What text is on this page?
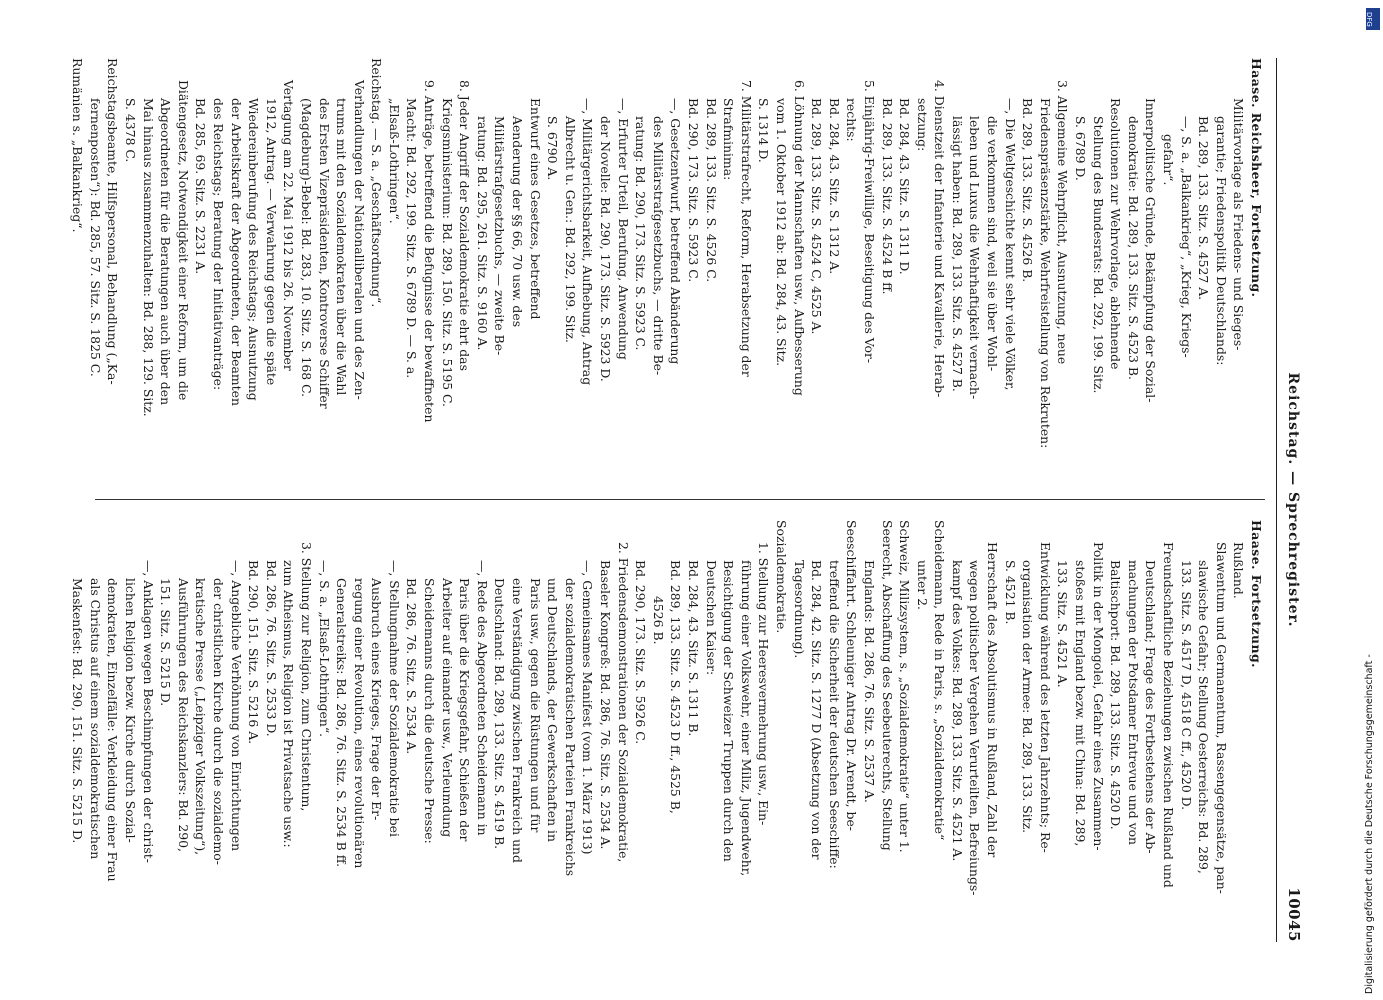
Reichstag. — Sprechregister.
10045
Haase. Reichsheer, Fortsetzung.
Militärvorlage als Friedens- und Sieges-
garantie; Friedenspolitik Deutschlands:
Bd. 289, 133. Sitz. S. 4527 A.
—, S. a. „Balkankrieg“, „Krieg, Kriegs-
gefahr“.
Innerpolitische Gründe, Bekämpfung der Sozial-
demokratie: Bd. 289, 133. Sitz. S. 4523 B.
Resolutionen zur Wehrvorlage, ablehnende
Stellung des Bundesrats: Bd. 292, 199. Sitz.
S. 6789 D.
3. Allgemeine Wehrpflicht, Ausnutzung, neue
Friedenspräsenzstärke, Wehrfreistellung von Rekruten:
Bd. 289, 133. Sitz. S. 4526 B.
—, Die Weltgeschichte kennt sehr viele Völker,
die verkommen sind, weil sie über Wohl-
leben und Luxus die Wehrhaftigkeit vernach-
lässigt haben: Bd. 289, 133. Sitz. S. 4527 B.
4. Dienstzeit der Infanterie und Kavallerie, Herab-
setzung:
Bd. 284, 43. Sitz. S. 1311 D.
Bd. 289, 133. Sitz. S. 4524 B ff.
5. Einjährig-Freiwillige, Beseitigung des Vor-
rechts:
Bd. 284, 43. Sitz. S. 1312 A.
Bd. 289, 133. Sitz. S. 4524 C, 4525 A.
6. Löhnung der Mannschaften usw., Aufbesserung
vom 1. Oktober 1912 ab: Bd. 284, 43. Sitz.
S. 1314 D.
7. Militärstrafrecht, Reform, Herabsetzung der
Strafminima:
Bd. 289, 133. Sitz. S. 4526 C.
Bd. 290, 173. Sitz. S. 5923 C.
—, Gesetzentwurf, betreffend Abänderung
des Militärstrafgesetzbuchs, — dritte Be-
ratung: Bd. 290, 173. Sitz. S. 5923 C.
—, Erfurter Urteil, Berufung, Anwendung
der Novelle: Bd. 290, 173. Sitz. S. 5923 D.
—, Militärgerichtsbarkeit, Aufhebung, Antrag
Albrecht u. Gen.: Bd. 292, 199. Sitz.
S. 6790 A.
Entwurf eines Gesetzes, betreffend
Aenderung der §§ 66, 70 usw. des
Militärstrafgesetzbuchs, — zweite Be-
ratung: Bd. 295, 261. Sitz. S. 9160 A.
8. Jeder Angriff der Sozialdemokratie ehrt das
Kriegsministerium: Bd. 289, 150. Sitz. S. 5195 C.
9. Anträge, betreffend die Befugnisse der bewaffneten
Macht: Bd. 292, 199. Sitz. S. 6789 D. — S. a.
„Elsaß-Lothringen“.
Reichstag. — S. a. „Geschäftsordnung“.
Verhandlungen der Nationalliberalen und des Zen-
trums mit den Sozialdemokraten über die Wahl
des Ersten Vizepräsidenten, Kontroverse Schiffer
(Magdeburg)-Bebel: Bd. 283, 10. Sitz. S. 168 C.
Vertagung am 22. Mai 1912 bis 26. November
1912, Antrag. — Verwahrung gegen die späte
Wiedereinberufung des Reichstags; Ausnutzung
der Arbeitskraft der Abgeordneten, der Beamten
des Reichstags; Beratung der Initiativanträge:
Bd. 285, 69. Sitz. S. 2231 A.
Diätengesetz, Notwendigkeit einer Reform, um die
Abgeordneten für die Beratungen auch über den
Mai hinaus zusammenzuhalten: Bd. 288, 129. Sitz.
S. 4378 C.
Reichstagsbeamte, Hilfspersonal, Behandlung („Ka-
fernenposten“): Bd. 285, 57. Sitz. S. 1825 C.
Rumänien s. „Balkankrieg“.
Haase. Fortsetzung.
Rußland.
Slawentum und Germanentum, Rassengegensätze, pan-
slawische Gefahr; Stellung Oesterreichs: Bd. 289,
133. Sitz. S. 4517 D, 4518 C ff., 4520 D.
Freundschaftliche Beziehungen zwischen Rußland und
Deutschland; Frage des Fortbestehens der Ab-
machungen der Potsdamer Entrevue und von
Baltischport: Bd. 289, 133. Sitz. S. 4520 D.
Politik in der Mongolei, Gefahr eines Zusammen-
stoßes mit England bezw. mit China: Bd. 289,
133. Sitz. S. 4521 A.
Entwicklung während des letzten Jahrzehnts; Re-
organisation der Armee: Bd. 289, 133. Sitz.
S. 4521 B.
Herrschaft des Absolutismus in Rußland, Zahl der
wegen politischer Vergehen Verurteilten, Befreiungs-
kampf des Volkes: Bd. 289, 133. Sitz. S. 4521 A.
Scheidemann, Rede in Paris, s. „Sozialdemokratie“
unter 2.
Schweiz, Milizsystem, s. „Sozialdemokratie“ unter 1.
Seerecht, Abschaffung des Seebeuterechts, Stellung
Englands: Bd. 286, 76. Sitz. S. 2537 A.
Seeschiffahrt. Schleuniger Antrag Dr. Arendt, be-
treffend die Sicherheit der deutschen Seeschiffe:
Bd. 284, 42. Sitz. S. 1277 D (Absetzung von der
Tagesordnung).
Sozialdemokratie.
1. Stellung zur Heeresvermehrung usw., Ein-
führung einer Volkswehr, einer Miliz, Jugendwehr,
Besichtigung der Schweizer Truppen durch den
Deutschen Kaiser:
Bd. 284, 43. Sitz. S. 1311 B.
Bd. 289, 133. Sitz. S. 4523 D ff., 4525 B,
4526 B.
Bd. 290, 173. Sitz. S. 5926 C.
2. Friedensdemonstrationen der Sozialdemokratie,
Baseler Kongreß: Bd. 286, 76. Sitz. S. 2534 A.
—, Gemeinsames Manifest (vom 1. März 1913)
der sozialdemokratischen Parteien Frankreichs
und Deutschlands, der Gewerkschaften in
Paris usw., gegen die Rüstungen und für
eine Verständigung zwischen Frankreich und
Deutschland: Bd. 289, 133. Sitz. S. 4519 B.
—, Rede des Abgeordneten Scheidemann in
Paris über die Kriegsgefahr, Schießen der
Arbeiter auf einander usw., Verleumdung
Scheidemanns durch die deutsche Presse:
Bd. 286, 76. Sitz. S. 2534 A.
—, Stellungnahme der Sozialdemokratie bei
Ausbruch eines Krieges, Frage der Er-
regung einer Revolution, eines revolutionären
Generalstreiks: Bd. 286, 76. Sitz. S. 2534 B ff.
—, S. a. „Elsaß-Lothringen“.
3. Stellung zur Religion, zum Christentum,
zum Atheismus, Religion ist Privatsache usw.:
Bd. 286, 76. Sitz. S. 2533 D.
Bd. 290, 151. Sitz. S. 5216 A.
—, Angebliche Verhöhnung von Einrichtungen
der christlichen Kirche durch die sozialdemo-
kratische Presse („Leipziger Volkszeitung“),
Ausführungen des Reichskanzlers: Bd. 290,
151. Sitz. S. 5215 D.
—, Anklagen wegen Beschimpfungen der christ-
lichen Religion bezw. Kirche durch Sozial-
demokraten, Einzelfälle: Verkleidung einer Frau
als Christus auf einem sozialdemokratischen
Maskenfest: Bd. 290, 151. Sitz. S. 5215 D.
DFG
Digitalisierung gefördert durch die Deutsche Forschungsgemeinschaft -
